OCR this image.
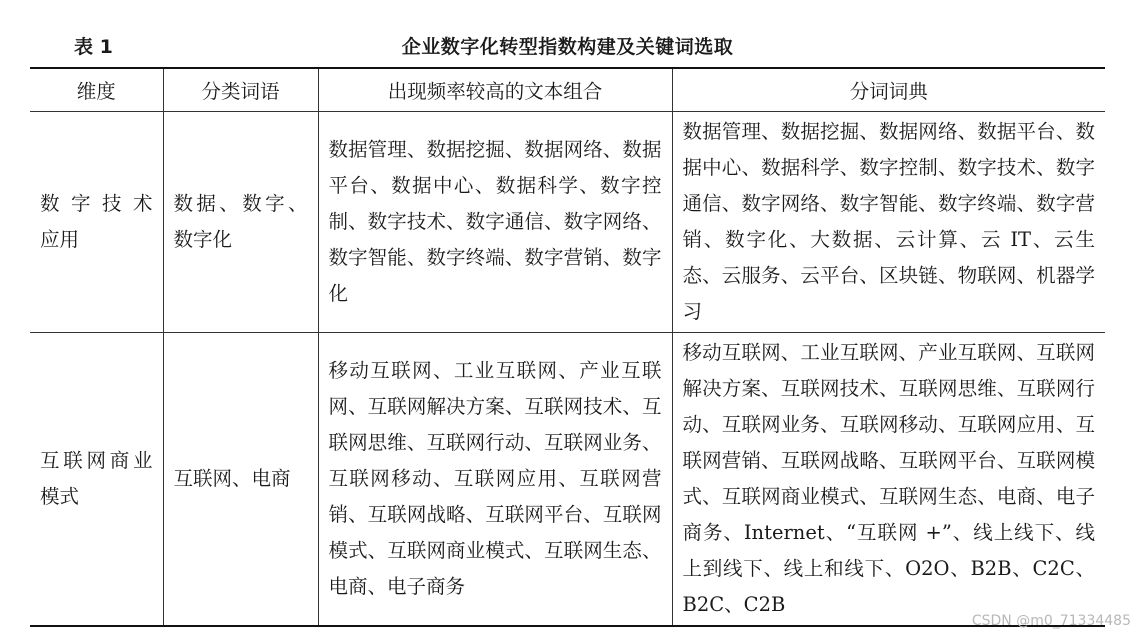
表 1	企业数字化转型指数构建及关键词选取
维度	分类词语	出现频率较高的文本组合	分词词典
数 字 技 术 应用	数据、数字、数字化	数据管理、数据挖掘、数据网络、数据平台、数据中心、数据科学、数字控制、数字技术、数字通信、数字网络、数字智能、数字终端、数字营销、数字化	数据管理、数据挖掘、数据网络、数据平台、数据中心、数据科学、数字控制、数字技术、数字通信、数字网络、数字智能、数字终端、数字营销、数字化、大数据、云计算、云 IT、云生态、云服务、云平台、区块链、物联网、机器学习
互联网商业模式	互联网、电商	移动互联网、工业互联网、产业互联网、互联网解决方案、互联网技术、互联网思维、互联网行动、互联网业务、互联网移动、互联网应用、互联网营销、互联网战略、互联网平台、互联网模式、互联网商业模式、互联网生态、电商、电子商务	移动互联网、工业互联网、产业互联网、互联网解决方案、互联网技术、互联网思维、互联网行动、互联网业务、互联网移动、互联网应用、互联网营销、互联网战略、互联网平台、互联网模式、互联网商业模式、互联网生态、电商、电子商务、Internet、“互联网 +”、线上线下、线上到线下、线上和线下、O2O、B2B、C2C、B2C、C2B
CSDN @m0_71334485
